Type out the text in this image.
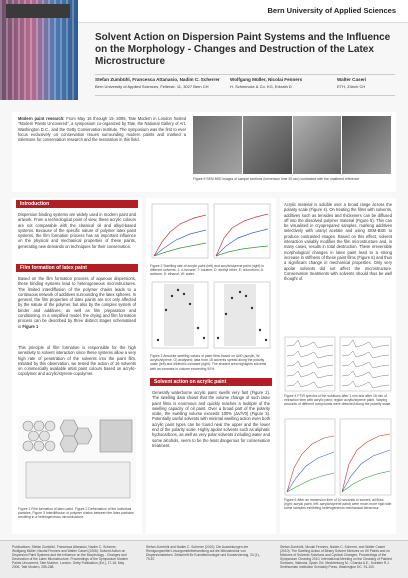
Bern University of Applied Sciences
Solvent Action on Dispersion Paint Systems and the Influence on the Morphology - Changes and Destruction of the Latex Microstructure
Stefan Zumbühl, Francesca Attanasio, Nadim C. Scherrer
Bern University of Applied Sciences, Fellerstr. 11, 3027 Bern CH
Wolfgang Müller, Nicolai Fenners
H. Schmincke & Co. KG, Erkrath D
Walter Caseri
ETH, Zürich CH
Modern paint research: From May 16 through 19, 2006, Tate Modern in London hosted "Modern Paints Uncovered", a symposium co-organized by Tate, the National Gallery of Art, Washington D.C., and the Getty Conservation Institute. The symposium was the first to ever focus exclusively on conservation issues surrounding modern paints and marked a milestone for conservation research and the restoration in this field.
Figure 9 SEM BSE images of sample sections (immersion time 30 sec) contrasted with the unaltered reference
Introduction
Dispersion binding systems are widely used in modern paint and artwork. From a technological point of view, these acrylic colours are not comparable with the classical oil and alkyd-based systems. Because of the specific nature of polymer latex paint systems, the film formation process has an important influence on the physical and mechanical properties of these paints, generating new demands on techniques for their conservation.
Film formation of latex paint
Based on the film formation process of aqueous dispersions, these binding systems lead to heterogeneous microstructures. The limited interdiffusion of the polymer chains leads to a continuous network of additives surrounding the latex spheres. In general, the film properties of latex paints are not only affected by the nature of the polymer, but also by the complex system of binder and additives, as well as film preparation and conditioning. In a simplified model, the drying and film formation process can be described by three distinct stages schematised in Figure 1
This principle of film formation is responsible for the high sensitivity to solvent interaction since these systems allow a very high rate of penetration of the solvents into the paint film. Initiated by this observation, we tested the action of 16 solvents on commercially available artist paint colours based on acrylic-copolymer and acrylic/styrene-copolymer.
Figure 1 Film formation of latex paint. Figure 2 Deformation of the individual particles. Figure 3 Interdiffusion of polymer chains between the latex particles resulting in a heterogeneous microstructure.
Figure 2 Swelling rate of acrylic paint (left) and acrylic/styrene paint (right) in different solvents: 1: n-hexane; 7: toluene; D: diethyl ether; E: chloroform; A: acetone; 8: ethanol; W: water.
Figure 3 Absolute swelling values of paint films based on Δl/l0 (acrylic, W; acrylic/styrene, O) analysed; data from 16 solvents spread along the polarity scale (left) and dielectric constant (right). The shaded area highlights solvents with an increase in volume exceeding 50%.
Solvent action on acrylic paint
Generally waterborne acrylic paint swells very fast (Figure 2). The swelling data shows that the volume change of such latex paint films is enormous and quickly reaches a multiple of the swelling capacity of oil paint. Over a broad part of the polarity scale, the swelling volume exceeds 100% (ΔV/V0) (Figure 3). Potentially useful solvents with minimal swelling action even both acrylic paint types can be found near the upper and the lower end of the polarity scale. Highly apolar solvents such as aliphatic hydrocarbons, as well as very polar solvents including water and some alcohols, seem to be the least dangerous for conservation treatment.
Acrylic material is soluble over a broad range across the polarity scale (Figure 4). On treating the films with solvents, additives such as tensides and thickeners can be diffused off into the dissolved polymer material (Figure 5). This can be visualised in cryoprepared samples, marking additives selectively with uranyl acetate and using SEM-BSE to produce contrasted images. Based on this effect, solvent interaction variably modifies the film microstructure and, in many cases, results in total destruction. These irreversible morphological changes in latex paint lead to a strong increase in stiffness of these paint films (Figure 6) and thus a significant change in mechanical properties. Only very apolar solvents did not affect the microstructure. Conservation treatments with solvents should thus be well thought of.
Figure 4 FTIR spectra of the solutions after 1 min and after 15 min of extraction time with acrylic paint; region acrylic/styrene paint. Varying amounts of different compounds were detected along the polarity scale.
Figure 6 After an immersion time of 10 seconds in solvent, all films (right: acrylic paint, left: acrylic/styrene paint) were much more rigid with some samples exhibiting heterogeneous mechanical behaviour.
Publications: Stefan Zumbühl, Francesca Attanasio, Nadim C. Scherrer, Wolfgang Müller, Nicolai Fenners and Walter Caseri (2006): Solvent Action on Dispersion Paint Systems and the Influence on the Morphology - Changes and Destruction of the Latex Microstructure. Proceedings of the Symposium Modern Paints Uncovered, Tate Modern, London. Getty Publication (Ed.), 17-18, May 2006, Tate Modern, 255-268.
Stefan Zumbühl and Nadim C. Scherrer (2010): Die Auswirkungen der Reinigungsmittel Lösungsmittelbehandlung auf die Mikrostruktur von Dispersionsfarben. Zeitschrift für Kunsttechnologie und Konservierung, 24 (1), 79-87.
Stefan Zumbühl, Nicolai Fenners, Nadim C. Scherrer, and Walter Caseri (2010): The Swelling Action of Binary Solvent Mixtures on Oil Paints and on Mixtures of Solvents Solutions and Cyclical Changes. Proceedings of the Symposium Cleaning 2010, International Meeting on the Cleaning of Painted Surfaces, Valencia, Spain. Ed. Mecklenburg M., Charola A.E., Koestler R.J. Smithsonian Institution Scholarly Press, Washington DC, 91-100.
